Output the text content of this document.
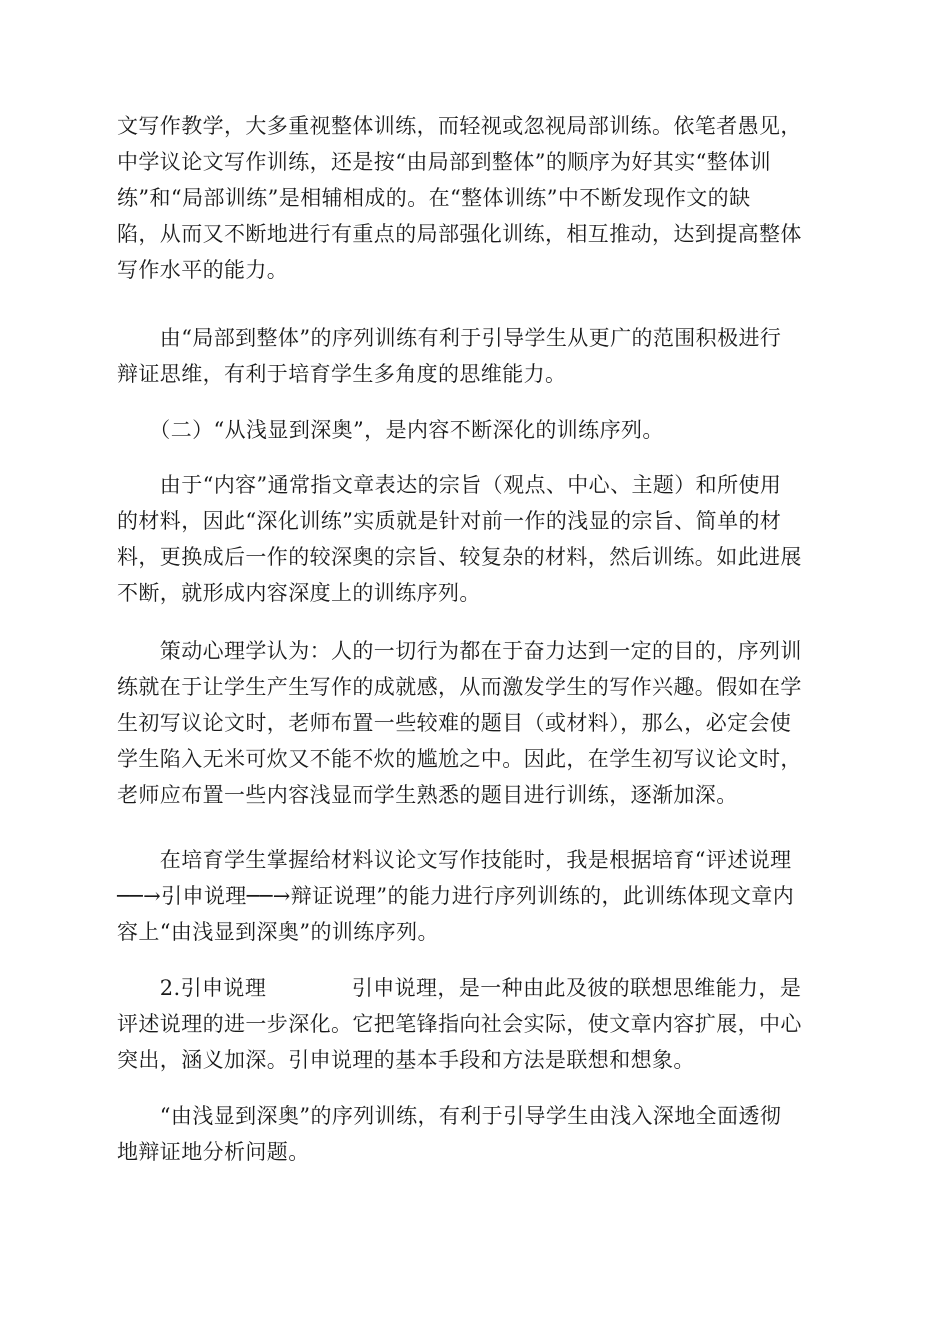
文写作教学，大多重视整体训练，而轻视或忽视局部训练。依笔者愚见，
中学议论文写作训练，还是按“由局部到整体”的顺序为好其实“整体训
练”和“局部训练”是相辅相成的。在“整体训练”中不断发现作文的缺
陷，从而又不断地进行有重点的局部强化训练，相互推动，达到提高整体
写作水平的能力。

　　由“局部到整体”的序列训练有利于引导学生从更广的范围积极进行
辩证思维，有利于培育学生多角度的思维能力。

　　（二）“从浅显到深奥”，是内容不断深化的训练序列。

　　由于“内容”通常指文章表达的宗旨（观点、中心、主题）和所使用
的材料，因此“深化训练”实质就是针对前一作的浅显的宗旨、简单的材
料，更换成后一作的较深奥的宗旨、较复杂的材料，然后训练。如此进展
不断，就形成内容深度上的训练序列。

　　策动心理学认为：人的一切行为都在于奋力达到一定的目的，序列训
练就在于让学生产生写作的成就感，从而激发学生的写作兴趣。假如在学
生初写议论文时，老师布置一些较难的题目（或材料），那么，必定会使
学生陷入无米可炊又不能不炊的尴尬之中。因此，在学生初写议论文时，
老师应布置一些内容浅显而学生熟悉的题目进行训练，逐渐加深。

　　在培育学生掌握给材料议论文写作技能时，我是根据培育“评述说理
──→引申说理──→辩证说理”的能力进行序列训练的，此训练体现文章内
容上“由浅显到深奥”的训练序列。

　　2.引申说理　　　　引申说理，是一种由此及彼的联想思维能力，是
评述说理的进一步深化。它把笔锋指向社会实际，使文章内容扩展，中心
突出，涵义加深。引申说理的基本手段和方法是联想和想象。

　　“由浅显到深奥”的序列训练，有利于引导学生由浅入深地全面透彻
地辩证地分析问题。
